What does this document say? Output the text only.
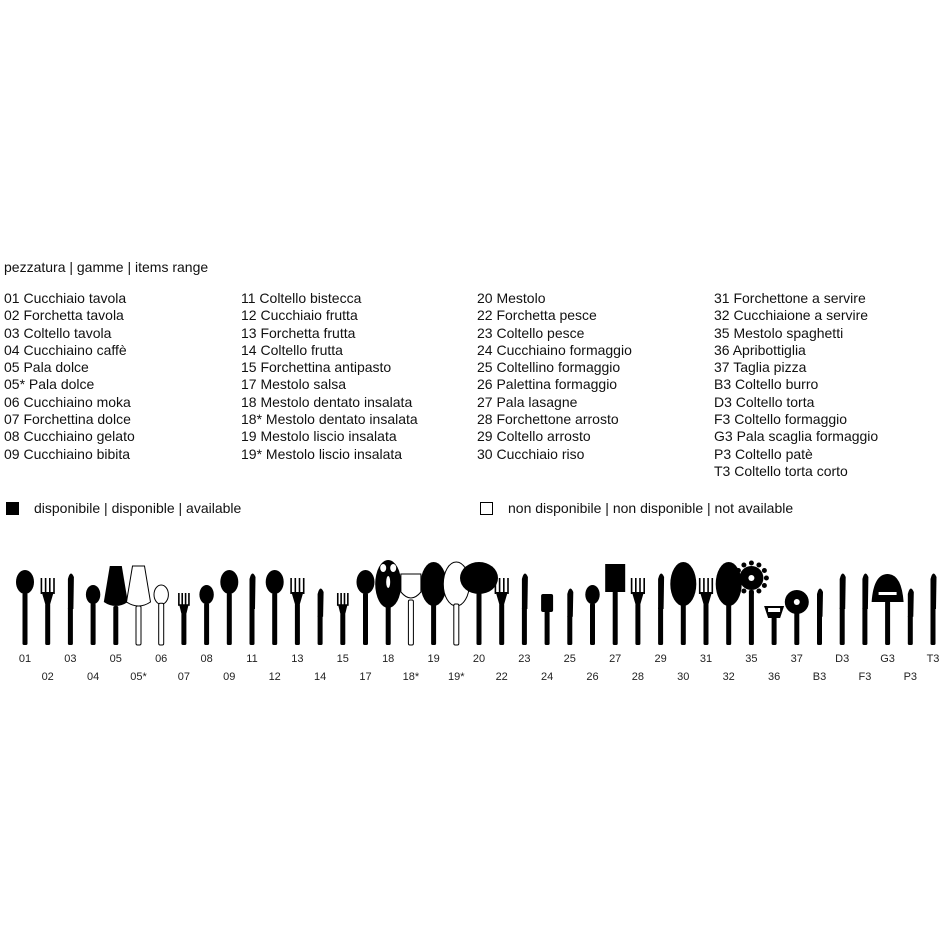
pezzatura | gamme | items range
01 Cucchiaio tavola
02 Forchetta tavola
03 Coltello tavola
04 Cucchiaino caffè
05 Pala dolce
05* Pala dolce
06 Cucchiaino moka
07 Forchettina dolce
08 Cucchiaino gelato
09 Cucchiaino bibita
11 Coltello bistecca
12 Cucchiaio frutta
13 Forchetta frutta
14 Coltello frutta
15 Forchettina antipasto
17 Mestolo salsa
18 Mestolo dentato insalata
18* Mestolo dentato insalata
19 Mestolo liscio insalata
19* Mestolo liscio insalata
20 Mestolo
22 Forchetta pesce
23 Coltello pesce
24 Cucchiaino formaggio
25 Coltellino formaggio
26 Palettina formaggio
27 Pala lasagne
28 Forchettone arrosto
29 Coltello arrosto
30 Cucchiaio riso
31 Forchettone a servire
32 Cucchiaione a servire
35 Mestolo spaghetti
36 Apribottiglia
37 Taglia pizza
B3 Coltello burro
D3 Coltello torta
F3 Coltello formaggio
G3 Pala scaglia formaggio
P3 Coltello patè
T3 Coltello torta corto
disponibile | disponible | available	non disponibile | non disponible | not available
01
02
03
04
05
05*
06
07
08
09
11
12
13
14
15
17
18
18*
19
19*
20
22
23
24
25
26
27
28
29
30
31
32
35
36
37
B3
D3
F3
G3
P3
T3
